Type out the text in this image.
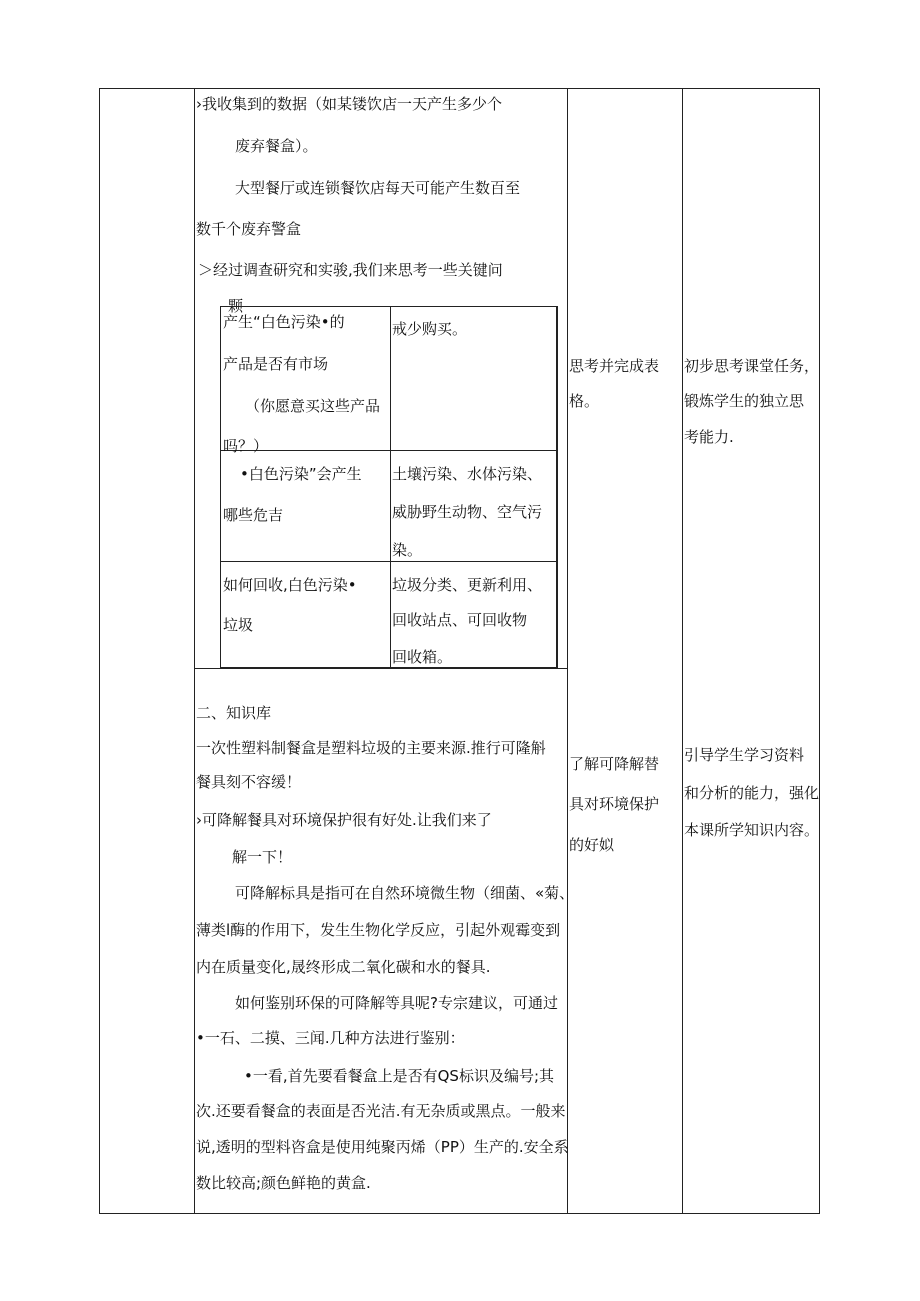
›我收集到的数据（如某镂饮店一天产生多少个
废弃餐盒）。
大型餐厅或连锁餐饮店每天可能产生数百至
数千个废弃警盒
＞经过调查研究和实骏,我们来思考一些关键问
颗
产生“白色污染•的
产品是否有市场
（你愿意买这些产品
吗？）
戒少购买。
•白色污染”会产生
哪些危吉
土壤污染、水体污染、
威胁野生动物、空气污
染。
如何回收,白色污染•
垃圾
垃圾分类、更新利用、
回收站点、可回收物
回收箱。
二、知识库
一次性塑料制餐盒是塑料垃圾的主要来源.推行可隆斛
餐具刻不容缓！
›可降解餐具对环境保护很有好处.让我们来了
解一下！
可降解标具是指可在自然环境微生物（细菌、«菊、
薄类l酶的作用下，发生生物化学反应，引起外观霉变到
内在质量变化,晟终形成二氧化碳和水的餐具.
如何鉴别环保的可降解等具呢?专宗建议，可通过
•一石、二摸、三闻.几种方法进行鉴别：
•一看,首先要看餐盒上是否有QS标识及编号;其
次.还要看餐盒的表面是否光洁.有无杂质或黑点。一般来
说,透明的型料咨盒是使用纯聚丙烯（PP）生产的.安全系
数比较高;颜色鲜艳的黄盒.
思考并完成表
格。
了解可降解替
具对环境保护
的好姒
初步思考课堂任务，
锻炼学生的独立思
考能力.
引导学生学习资料
和分析的能力，强化
本课所学知识内容。
